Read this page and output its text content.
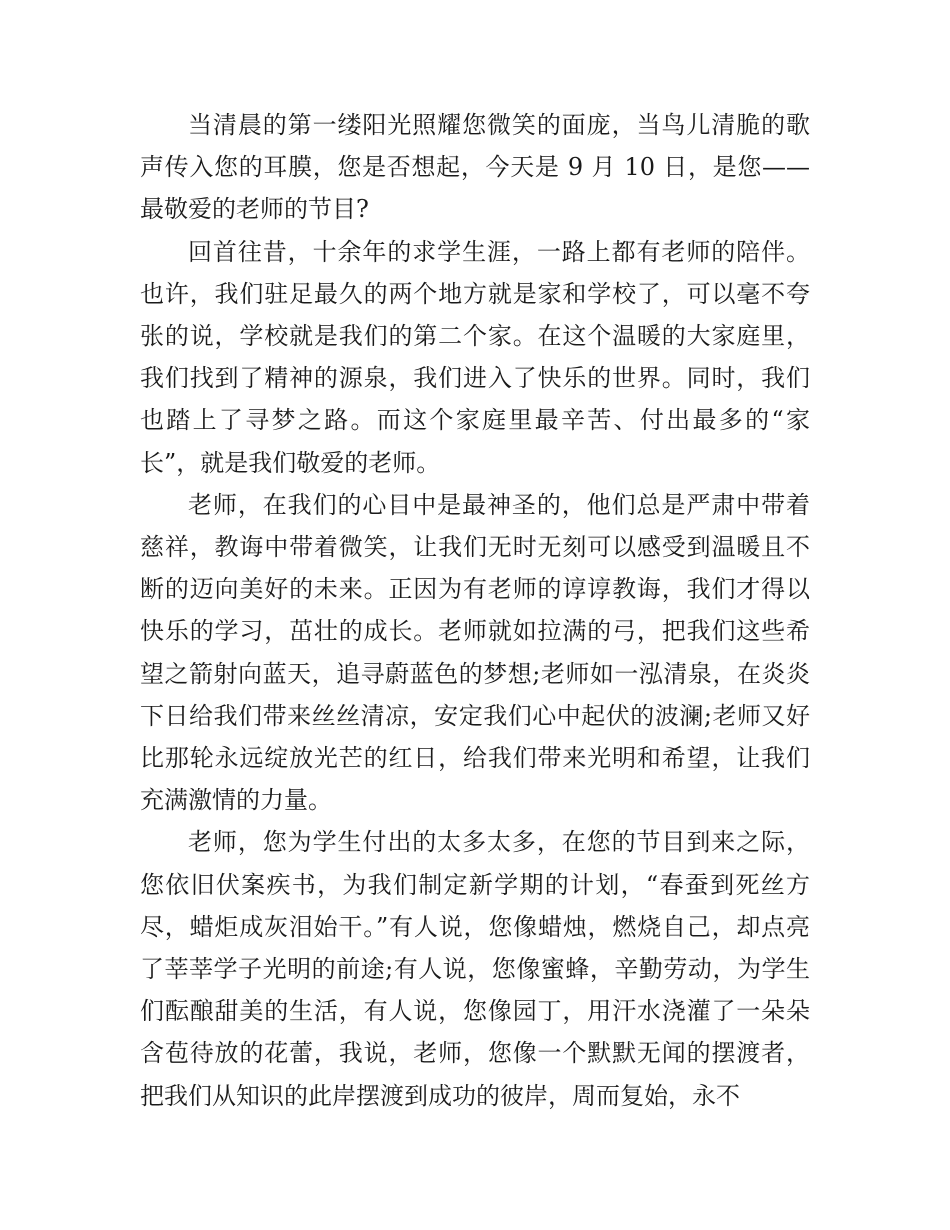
当清晨的第一缕阳光照耀您微笑的面庞，当鸟儿清脆的歌声传入您的耳膜，您是否想起，今天是 9 月 10 日，是您——最敬爱的老师的节目?

回首往昔，十余年的求学生涯，一路上都有老师的陪伴。也许，我们驻足最久的两个地方就是家和学校了，可以毫不夸张的说，学校就是我们的第二个家。在这个温暖的大家庭里，我们找到了精神的源泉，我们进入了快乐的世界。同时，我们也踏上了寻梦之路。而这个家庭里最辛苦、付出最多的“家长”，就是我们敬爱的老师。

老师，在我们的心目中是最神圣的，他们总是严肃中带着慈祥，教诲中带着微笑，让我们无时无刻可以感受到温暖且不断的迈向美好的未来。正因为有老师的谆谆教诲，我们才得以快乐的学习，茁壮的成长。老师就如拉满的弓，把我们这些希望之箭射向蓝天，追寻蔚蓝色的梦想;老师如一泓清泉，在炎炎下日给我们带来丝丝清凉，安定我们心中起伏的波澜;老师又好比那轮永远绽放光芒的红日，给我们带来光明和希望，让我们充满激情的力量。

老师，您为学生付出的太多太多，在您的节目到来之际，您依旧伏案疾书，为我们制定新学期的计划，“春蚕到死丝方尽，蜡炬成灰泪始干。”有人说，您像蜡烛，燃烧自己，却点亮了莘莘学子光明的前途;有人说，您像蜜蜂，辛勤劳动，为学生们酝酿甜美的生活，有人说，您像园丁，用汗水浇灌了一朵朵含苞待放的花蕾，我说，老师，您像一个默默无闻的摆渡者，把我们从知识的此岸摆渡到成功的彼岸，周而复始，永不
